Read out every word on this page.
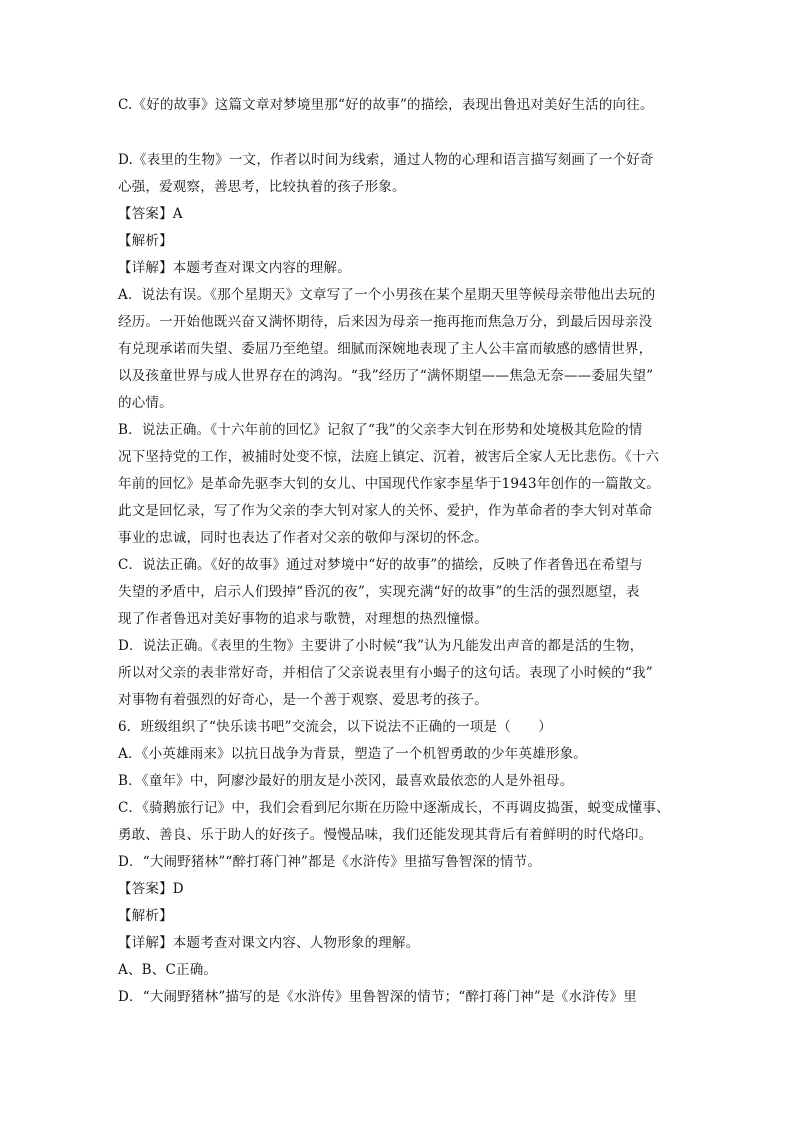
C.《好的故事》这篇文章对梦境里那“好的故事”的描绘，表现出鲁迅对美好生活的向往。
D.《表里的生物》一文，作者以时间为线索，通过人物的心理和语言描写刻画了一个好奇
心强，爱观察，善思考，比较执着的孩子形象。
【答案】A
【解析】
【详解】本题考查对课文内容的理解。
A．说法有误。《那个星期天》文章写了一个小男孩在某个星期天里等候母亲带他出去玩的
经历。一开始他既兴奋又满怀期待，后来因为母亲一拖再拖而焦急万分，到最后因母亲没
有兑现承诺而失望、委屈乃至绝望。细腻而深婉地表现了主人公丰富而敏感的感情世界，
以及孩童世界与成人世界存在的鸿沟。“我”经历了“满怀期望——焦急无奈——委屈失望”
的心情。
B．说法正确。《十六年前的回忆》记叙了“我”的父亲李大钊在形势和处境极其危险的情
况下坚持党的工作，被捕时处变不惊，法庭上镇定、沉着，被害后全家人无比悲伤。《十六
年前的回忆》是革命先驱李大钊的女儿、中国现代作家李星华于1943年创作的一篇散文。
此文是回忆录，写了作为父亲的李大钊对家人的关怀、爱护，作为革命者的李大钊对革命
事业的忠诚，同时也表达了作者对父亲的敬仰与深切的怀念。
C．说法正确。《好的故事》通过对梦境中“好的故事”的描绘，反映了作者鲁迅在希望与
失望的矛盾中，启示人们毁掉“昏沉的夜”，实现充满“好的故事”的生活的强烈愿望，表
现了作者鲁迅对美好事物的追求与歌赞，对理想的热烈憧憬。
D．说法正确。《表里的生物》主要讲了小时候“我”认为凡能发出声音的都是活的生物，
所以对父亲的表非常好奇，并相信了父亲说表里有小蝎子的这句话。表现了小时候的“我”
对事物有着强烈的好奇心，是一个善于观察、爱思考的孩子。
6．班级组织了“快乐读书吧”交流会，以下说法不正确的一项是（　　）
A．《小英雄雨来》以抗日战争为背景，塑造了一个机智勇敢的少年英雄形象。
B．《童年》中，阿廖沙最好的朋友是小茨冈，最喜欢最依恋的人是外祖母。
C．《骑鹅旅行记》中，我们会看到尼尔斯在历险中逐渐成长，不再调皮捣蛋，蜕变成懂事、
勇敢、善良、乐于助人的好孩子。慢慢品味，我们还能发现其背后有着鲜明的时代烙印。
D．“大闹野猪林”“醉打蒋门神”都是《水浒传》里描写鲁智深的情节。
【答案】D
【解析】
【详解】本题考查对课文内容、人物形象的理解。
A、B、C正确。
D．“大闹野猪林”描写的是《水浒传》里鲁智深的情节；“醉打蒋门神”是《水浒传》里
